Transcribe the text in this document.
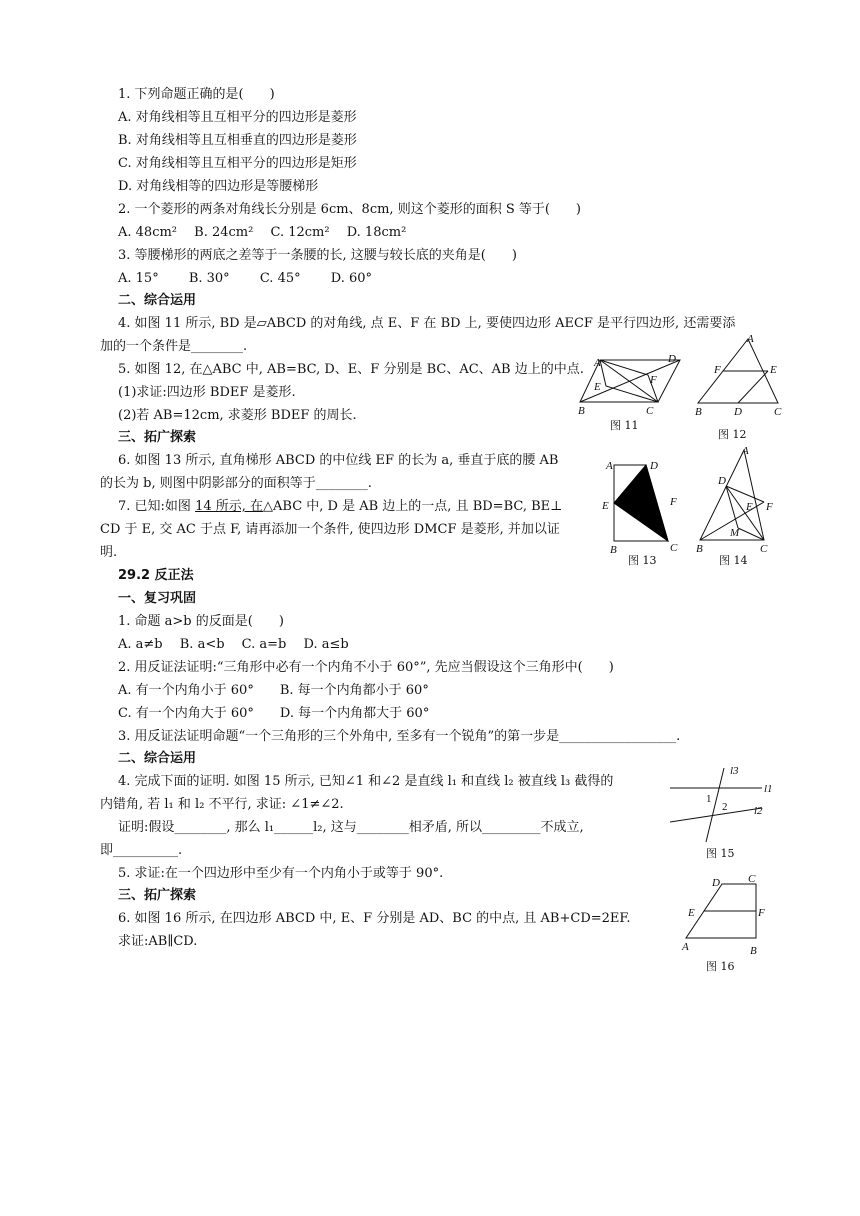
1. 下列命题正确的是(　　)
A. 对角线相等且互相平分的四边形是菱形
B. 对角线相等且互相垂直的四边形是菱形
C. 对角线相等且互相平分的四边形是矩形
D. 对角线相等的四边形是等腰梯形
2. 一个菱形的两条对角线长分别是 6cm、8cm, 则这个菱形的面积 S 等于(　　)
A. 48cm²　 B. 24cm²　 C. 12cm²　 D. 18cm²
3. 等腰梯形的两底之差等于一条腰的长, 这腰与较长底的夹角是(　　)
A. 15°　　 B. 30°　　 C. 45°　　 D. 60°
二、综合运用
4. 如图 11 所示, BD 是▱ABCD 的对角线, 点 E、F 在 BD 上, 要使四边形 AECF 是平行四边形, 还需要添
加的一个条件是________.
5. 如图 12, 在△ABC 中, AB=BC, D、E、F 分别是 BC、AC、AB 边上的中点.
(1)求证:四边形 BDEF 是菱形.
(2)若 AB=12cm, 求菱形 BDEF 的周长.
三、拓广探索
6. 如图 13 所示, 直角梯形 ABCD 的中位线 EF 的长为 a, 垂直于底的腰 AB
的长为 b, 则图中阴影部分的面积等于________.
7. 已知:如图 14 所示, 在△ABC 中, D 是 AB 边上的一点, 且 BD=BC, BE⊥
CD 于 E, 交 AC 于点 F, 请再添加一个条件, 使四边形 DMCF 是菱形, 并加以证
明.
29.2 反正法
一、复习巩固
1. 命题 a>b 的反面是(　　)
A. a≠b　 B. a<b　 C. a=b　 D. a≤b
2. 用反证法证明:“三角形中必有一个内角不小于 60°”, 先应当假设这个三角形中(　　)
A. 有一个内角小于 60°　　B. 每一个内角都小于 60°
C. 有一个内角大于 60°　　D. 每一个内角都大于 60°
3. 用反证法证明命题“一个三角形的三个外角中, 至多有一个锐角”的第一步是__________________.
二、综合运用
4. 完成下面的证明. 如图 15 所示, 已知∠1 和∠2 是直线 l₁ 和直线 l₂ 被直线 l₃ 截得的
内错角, 若 l₁ 和 l₂ 不平行, 求证: ∠1≠∠2.
证明:假设________, 那么 l₁______l₂, 这与________相矛盾, 所以_________不成立,
即__________.
5. 求证:在一个四边形中至少有一个内角小于或等于 90°.
三、拓广探索
6. 如图 16 所示, 在四边形 ABCD 中, E、F 分别是 AD、BC 的中点, 且 AB+CD=2EF.
求证:AB∥CD.
A	D
E
F
B	C
图 11
A
F	E
B	D	C
图 12
A	D
E	F
B	C
图 13
A
D
E F
M
B	C
图 14
l3
l1
l2
1
2
图 15
D	C
E	F
A	B
图 16
